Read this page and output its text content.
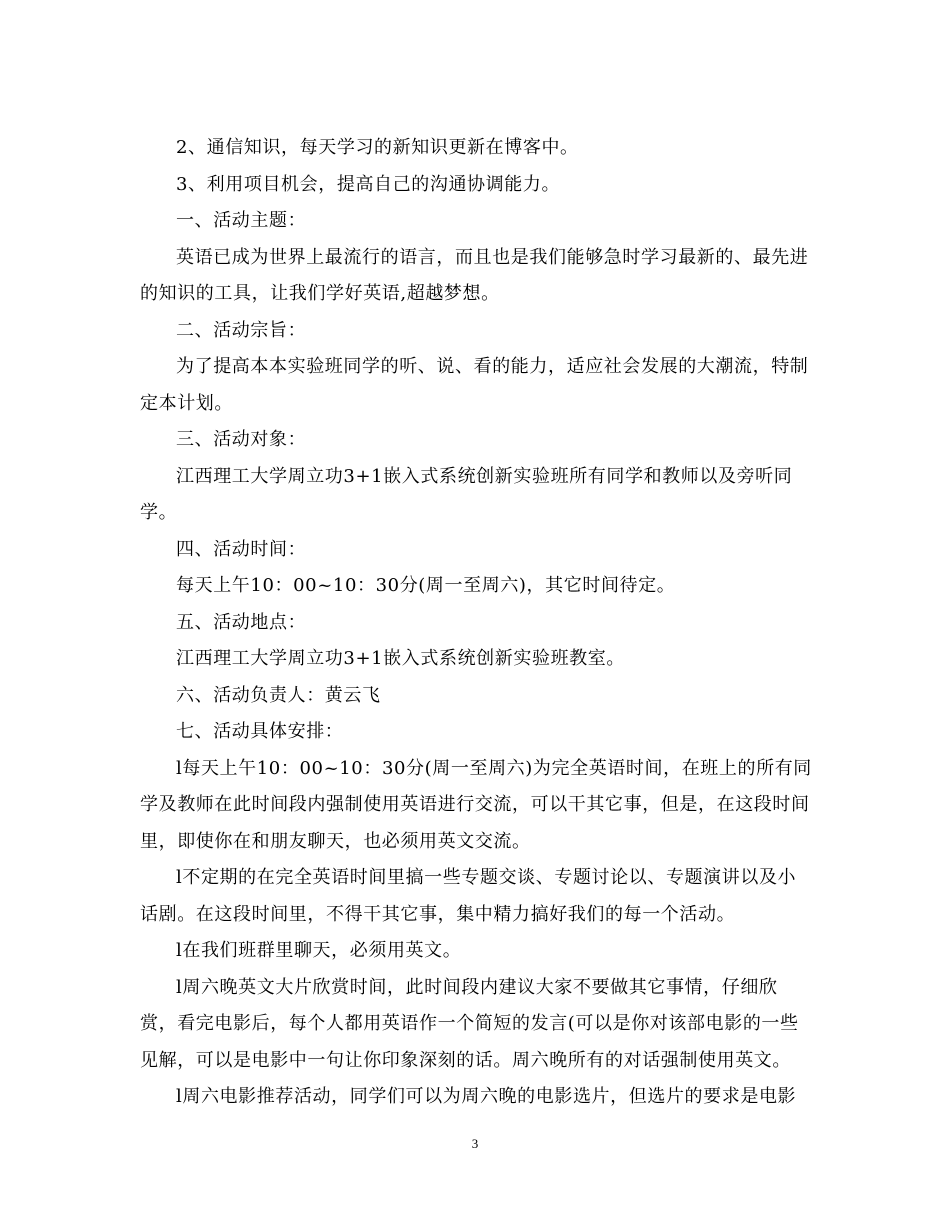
2、通信知识，每天学习的新知识更新在博客中。

3、利用项目机会，提高自己的沟通协调能力。

一、活动主题：

英语已成为世界上最流行的语言，而且也是我们能够急时学习最新的、最先进的知识的工具，让我们学好英语,超越梦想。

二、活动宗旨：

为了提高本本实验班同学的听、说、看的能力，适应社会发展的大潮流，特制定本计划。

三、活动对象：

江西理工大学周立功3+1嵌入式系统创新实验班所有同学和教师以及旁听同学。

四、活动时间：

每天上午10：00~10：30分(周一至周六)，其它时间待定。

五、活动地点：

江西理工大学周立功3+1嵌入式系统创新实验班教室。

六、活动负责人：黄云飞

七、活动具体安排：

l每天上午10：00~10：30分(周一至周六)为完全英语时间，在班上的所有同学及教师在此时间段内强制使用英语进行交流，可以干其它事，但是，在这段时间里，即使你在和朋友聊天，也必须用英文交流。

l不定期的在完全英语时间里搞一些专题交谈、专题讨论以、专题演讲以及小话剧。在这段时间里，不得干其它事，集中精力搞好我们的每一个活动。

l在我们班群里聊天，必须用英文。

l周六晚英文大片欣赏时间，此时间段内建议大家不要做其它事情，仔细欣赏，看完电影后，每个人都用英语作一个简短的发言(可以是你对该部电影的一些见解，可以是电影中一句让你印象深刻的话。周六晚所有的对话强制使用英文。

l周六电影推荐活动，同学们可以为周六晚的电影选片，但选片的要求是电影

3
